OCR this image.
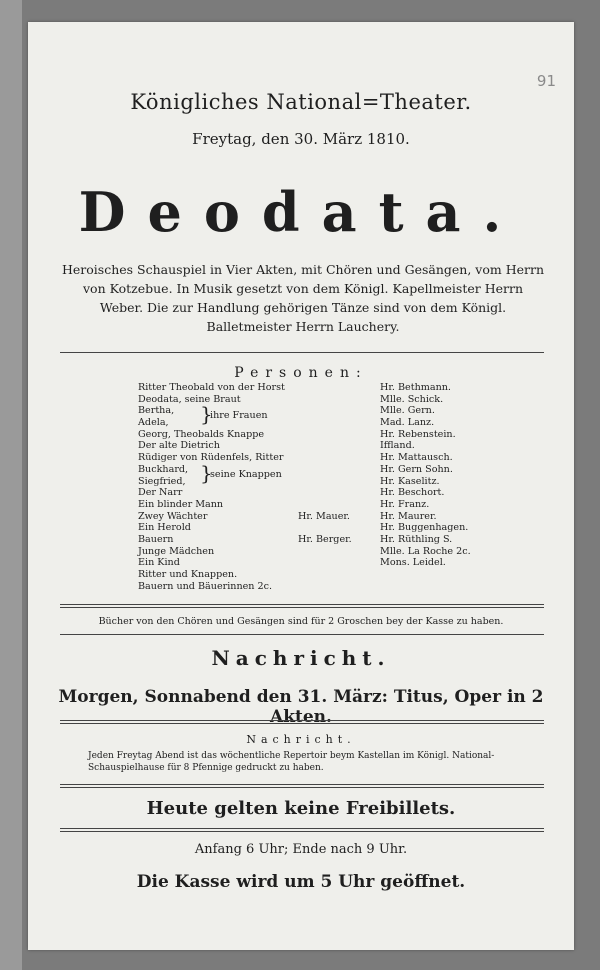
91
Königliches National=Theater.
Freytag, den 30. März 1810.
Deodata.
Heroisches Schauspiel in Vier Akten, mit Chören und Gesängen, vom Herrn von Kotzebue. In Musik gesetzt von dem Königl. Kapellmeister Herrn Weber. Die zur Handlung gehörigen Tänze sind von dem Königl. Balletmeister Herrn Lauchery.
Personen:
Ritter Theobald von der Horst	Hr. Bethmann.
Deodata, seine Braut	Mlle. Schick.
Bertha,	Mlle. Gern.
}
ihre Frauen
Adela,	Mad. Lanz.
Georg, Theobalds Knappe	Hr. Rebenstein.
Der alte Dietrich	Iffland.
Rüdiger von Rüdenfels, Ritter	Hr. Mattausch.
Buckhard,	Hr. Gern Sohn.
}
seine Knappen
Siegfried,	Hr. Kaselitz.
Der Narr	Hr. Beschort.
Ein blinder Mann	Hr. Franz.
Zwey Wächter	Hr. Mauer.	Hr. Maurer.
Ein Herold	Hr. Buggenhagen.
Bauern	Hr. Berger.	Hr. Rüthling S.
Junge Mädchen	Mlle. La Roche 2c.
Ein Kind	Mons. Leidel.
Ritter und Knappen.
Bauern und Bäuerinnen 2c.
Bücher von den Chören und Gesängen sind für 2 Groschen bey der Kasse zu haben.
Nachricht.
Morgen, Sonnabend den 31. März: Titus, Oper in 2 Akten.
Nachricht.
Jeden Freytag Abend ist das wöchentliche Repertoir beym Kastellan im Königl. National-Schauspielhause für 8 Pfennige gedruckt zu haben.
Heute gelten keine Freibillets.
Anfang 6 Uhr; Ende nach 9 Uhr.
Die Kasse wird um 5 Uhr geöffnet.
